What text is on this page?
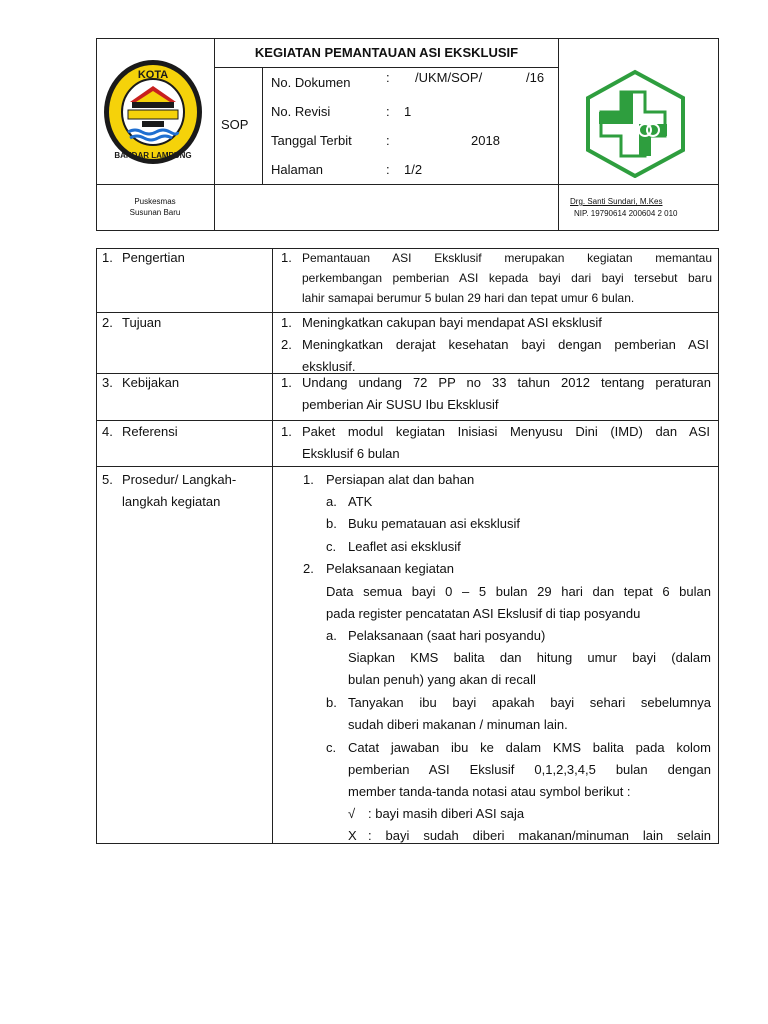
KOTA
BANDAR LAMPUNG
KEGIATAN PEMANTAUAN ASI EKSKLUSIF
SOP
No. Dokumen	: /UKM/SOP/	/16
No. Revisi	: 1
Tanggal Terbit	:	2018
Halaman	: 1/2
Puskesmas
Susunan Baru
Drg. Santi Sundari, M.Kes
NIP. 19790614 200604 2 010
1. Pengertian	1. Pemantauan ASI Eksklusif merupakan kegiatan memantau
perkembangan pemberian ASI kepada bayi dari bayi tersebut baru
lahir samapai berumur 5 bulan 29 hari dan tepat umur 6 bulan.
2. Tujuan	1. Meningkatkan cakupan bayi mendapat ASI eksklusif
2. Meningkatkan derajat kesehatan bayi dengan pemberian ASI
eksklusif.
3. Kebijakan	1. Undang undang 72 PP no 33 tahun 2012 tentang peraturan
pemberian Air SUSU Ibu Eksklusif
4. Referensi	1. Paket modul kegiatan Inisiasi Menyusu Dini (IMD) dan ASI
Eksklusif 6 bulan
5. Prosedur/ Langkah-
langkah kegiatan
1. Persiapan alat dan bahan
a. ATK
b. Buku pematauan asi eksklusif
c. Leaflet asi eksklusif
2. Pelaksanaan kegiatan
Data semua bayi 0 – 5 bulan 29 hari dan tepat 6 bulan
pada register pencatatan ASI Ekslusif di tiap posyandu
a. Pelaksanaan (saat hari posyandu)
Siapkan KMS balita dan hitung umur bayi (dalam
bulan penuh) yang akan di recall
b. Tanyakan ibu bayi apakah bayi sehari sebelumnya
sudah diberi makanan / minuman lain.
c. Catat jawaban ibu ke dalam KMS balita pada kolom
pemberian ASI Ekslusif 0,1,2,3,4,5 bulan dengan
member tanda-tanda notasi atau symbol berikut :
√ : bayi masih diberi ASI saja
X : bayi sudah diberi makanan/minuman lain selain
